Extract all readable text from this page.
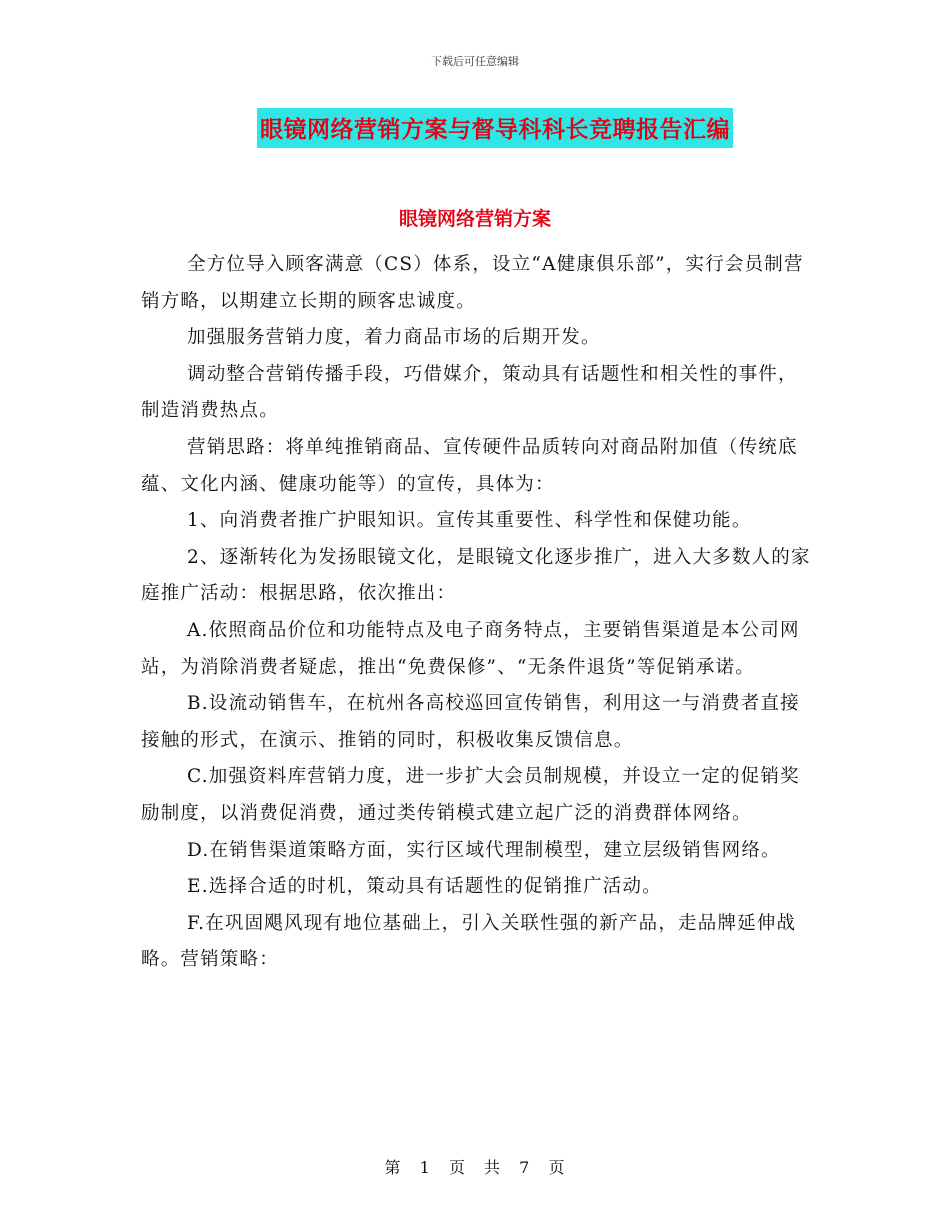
下载后可任意编辑
眼镜网络营销方案与督导科科长竞聘报告汇编
眼镜网络营销方案

全方位导入顾客满意（CS）体系，设立“A健康俱乐部”，实行会员制营销方略，以期建立长期的顾客忠诚度。

加强服务营销力度，着力商品市场的后期开发。

调动整合营销传播手段，巧借媒介，策动具有话题性和相关性的事件，制造消费热点。

营销思路：将单纯推销商品、宣传硬件品质转向对商品附加值（传统底蕴、文化内涵、健康功能等）的宣传，具体为：

1、向消费者推广护眼知识。宣传其重要性、科学性和保健功能。

2、逐渐转化为发扬眼镜文化，是眼镜文化逐步推广，进入大多数人的家庭推广活动：根据思路，依次推出：

A.依照商品价位和功能特点及电子商务特点，主要销售渠道是本公司网站，为消除消费者疑虑，推出“免费保修”、“无条件退货”等促销承诺。

B.设流动销售车，在杭州各高校巡回宣传销售，利用这一与消费者直接接触的形式，在演示、推销的同时，积极收集反馈信息。

C.加强资料库营销力度，进一步扩大会员制规模，并设立一定的促销奖励制度，以消费促消费，通过类传销模式建立起广泛的消费群体网络。

D.在销售渠道策略方面，实行区域代理制模型，建立层级销售网络。

E.选择合适的时机，策动具有话题性的促销推广活动。

F.在巩固飓风现有地位基础上，引入关联性强的新产品，走品牌延伸战略。营销策略：

第 1 页 共 7 页
